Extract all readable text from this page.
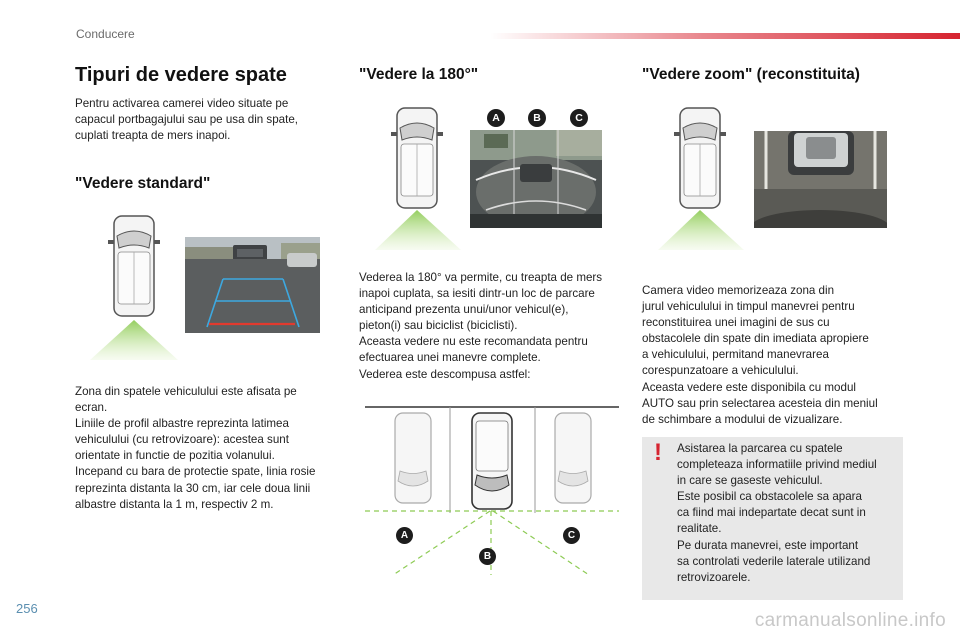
Conducere
Tipuri de vedere spate
Pentru activarea camerei video situate pe
capacul portbagajului sau pe usa din spate,
cuplati treapta de mers inapoi.
"Vedere standard"
Zona din spatele vehiculului este afisata pe
ecran.
Liniile de profil albastre reprezinta latimea
vehiculului (cu retrovizoare): acestea sunt
orientate in functie de pozitia volanului.
Incepand cu bara de protectie spate, linia rosie
reprezinta distanta la 30 cm, iar cele doua linii
albastre distanta la 1 m, respectiv 2 m.
"Vedere la 180°"
A	B	C
Vederea la 180° va permite, cu treapta de mers
inapoi cuplata, sa iesiti dintr-un loc de parcare
anticipand prezenta unui/unor vehicul(e),
pieton(i) sau biciclist (biciclisti).
Aceasta vedere nu este recomandata pentru
efectuarea unei manevre complete.
Vederea este descompusa astfel:
A
B
C
"Vedere zoom" (reconstituita)
Camera video memorizeaza zona din
jurul vehiculului in timpul manevrei pentru
reconstituirea unei imagini de sus cu
obstacolele din spate din imediata apropiere
a vehiculului, permitand manevrarea
corespunzatoare a vehiculului.
Aceasta vedere este disponibila cu modul
AUTO sau prin selectarea acesteia din meniul
de schimbare a modului de vizualizare.
! Asistarea la parcarea cu spatele
completeaza informatiile privind mediul
in care se gaseste vehiculul.
Este posibil ca obstacolele sa apara
ca fiind mai indepartate decat sunt in
realitate.
Pe durata manevrei, este important
sa controlati vederile laterale utilizand
retrovizoarele.
256
carmanualsonline.info
